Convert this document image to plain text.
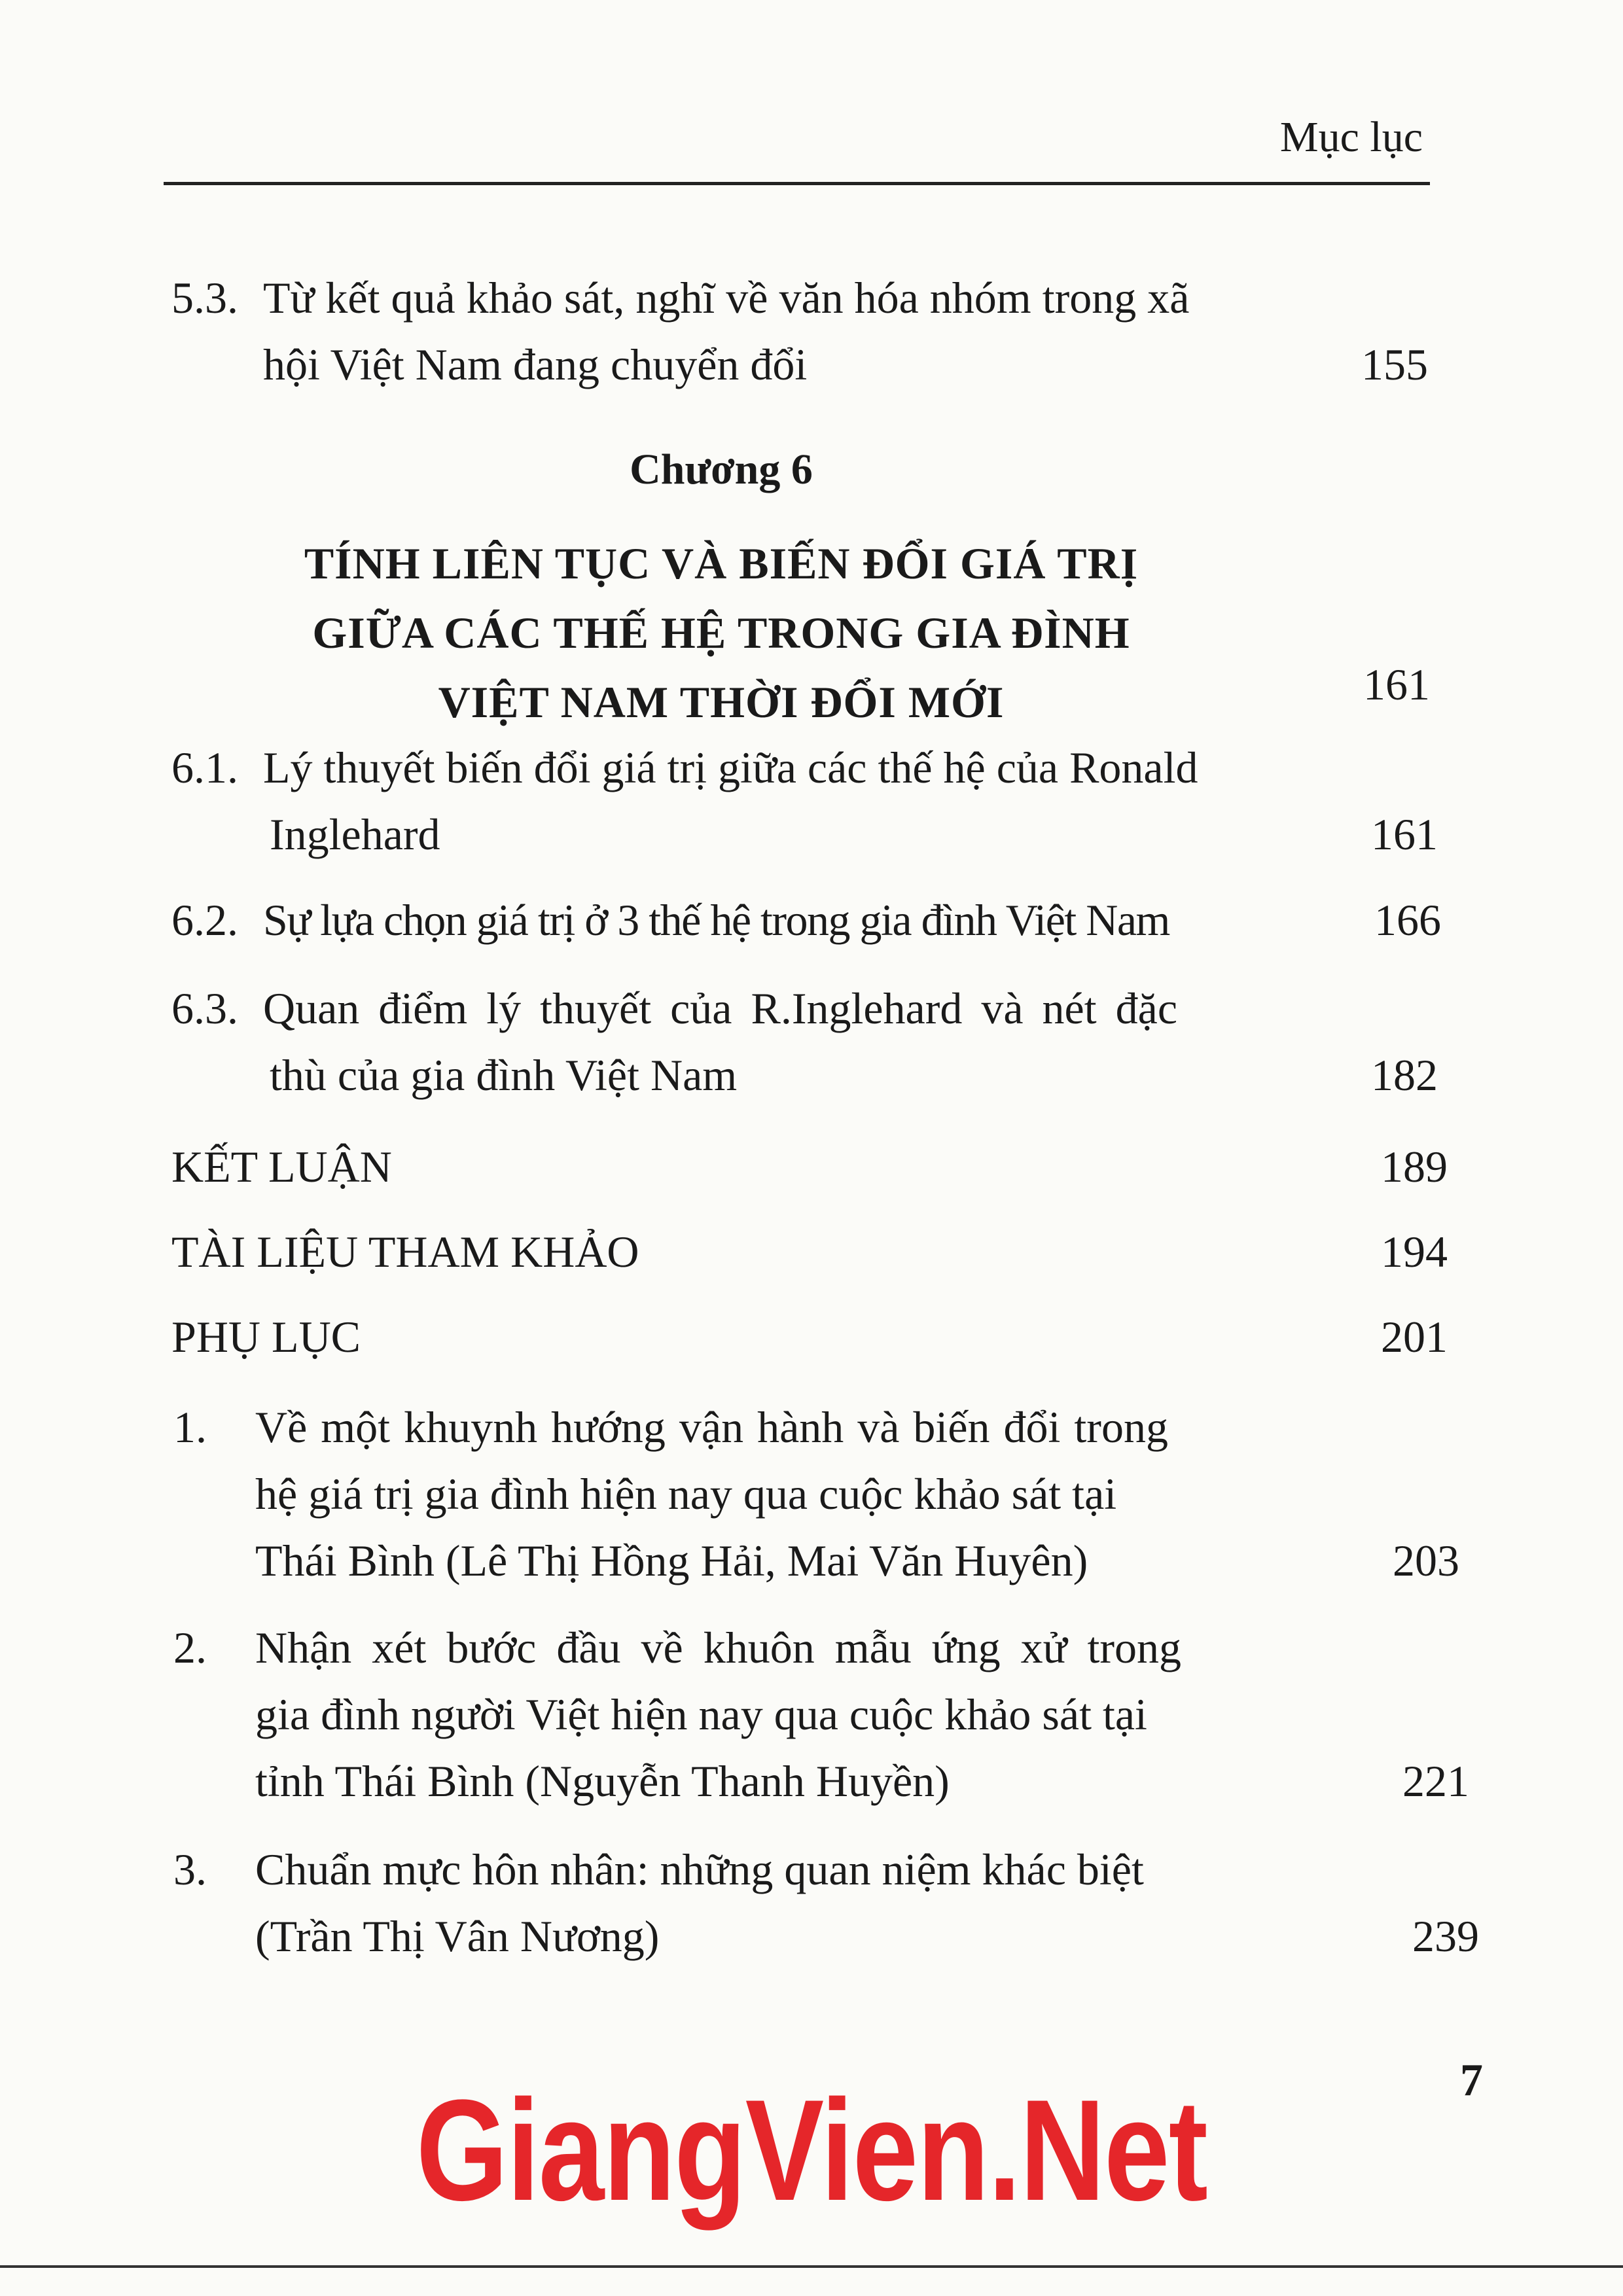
Mục lục
5.3. Từ kết quả khảo sát, nghĩ về văn hóa nhóm trong xã
hội Việt Nam đang chuyển đổi	155
Chương 6
TÍNH LIÊN TỤC VÀ BIẾN ĐỔI GIÁ TRỊ
GIỮA CÁC THẾ HỆ TRONG GIA ĐÌNH
VIỆT NAM THỜI ĐỔI MỚI	161
6.1. Lý thuyết biến đổi giá trị giữa các thế hệ của Ronald
Inglehard	161
6.2. Sự lựa chọn giá trị ở 3 thế hệ trong gia đình Việt Nam	166
6.3. Quan điểm lý thuyết của R.Inglehard và nét đặc
thù của gia đình Việt Nam	182
KẾT LUẬN	189
TÀI LIỆU THAM KHẢO	194
PHỤ LỤC	201
1. Về một khuynh hướng vận hành và biến đổi trong
hệ giá trị gia đình hiện nay qua cuộc khảo sát tại
Thái Bình (Lê Thị Hồng Hải, Mai Văn Huyên)	203
2. Nhận xét bước đầu về khuôn mẫu ứng xử trong
gia đình người Việt hiện nay qua cuộc khảo sát tại
tỉnh Thái Bình (Nguyễn Thanh Huyền)	221
3. Chuẩn mực hôn nhân: những quan niệm khác biệt
(Trần Thị Vân Nương)	239
7
GiangVien.Net
